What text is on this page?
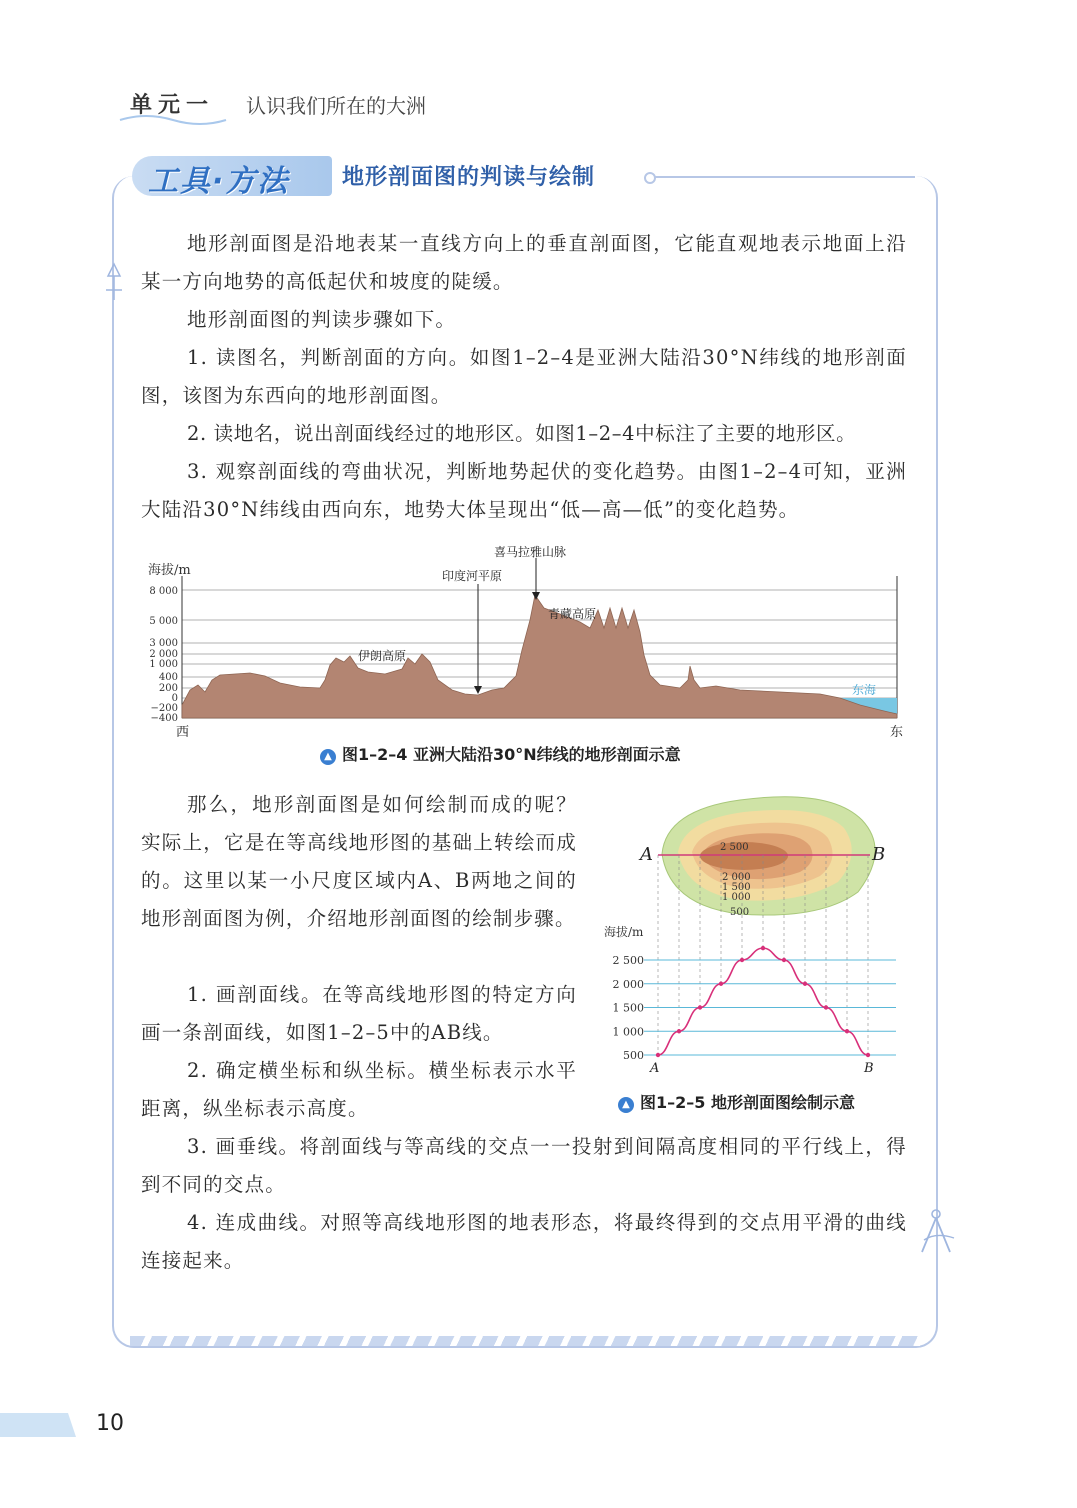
单元一 认识我们所在的大洲
工具·方法 地形剖面图的判读与绘制
地形剖面图是沿地表某一直线方向上的垂直剖面图，它能直观地表示地面上沿某一方向地势的高低起伏和坡度的陡缓。
地形剖面图的判读步骤如下。
1. 读图名，判断剖面的方向。如图1–2–4是亚洲大陆沿30°N纬线的地形剖面图，该图为东西向的地形剖面图。
2. 读地名，说出剖面线经过的地形区。如图1–2–4中标注了主要的地形区。
3. 观察剖面线的弯曲状况，判断地势起伏的变化趋势。由图1–2–4可知，亚洲大陆沿30°N纬线由西向东，地势大体呈现出“低—高—低”的变化趋势。
海拔/m
8 000
5 000
3 000
2 000
1 000
400
200
0
−200
−400
喜马拉雅山脉
印度河平原
青藏高原
伊朗高原
东海
西	东
▲ 图1–2–4 亚洲大陆沿30°N纬线的地形剖面示意
那么，地形剖面图是如何绘制而成的呢？实际上，它是在等高线地形图的基础上转绘而成的。这里以某一小尺度区域内A、B两地之间的地形剖面图为例，介绍地形剖面图的绘制步骤。
1. 画剖面线。在等高线地形图的特定方向画一条剖面线，如图1–2–5中的AB线。
2. 确定横坐标和纵坐标。横坐标表示水平距离，纵坐标表示高度。
2 500
2 000
1 500
1 000
500
A	B
2 500
2 000
1 500
1 000
500
海拔/m
A	B
▲ 图1–2–5 地形剖面图绘制示意
3. 画垂线。将剖面线与等高线的交点一一投射到间隔高度相同的平行线上，得到不同的交点。
4. 连成曲线。对照等高线地形图的地表形态，将最终得到的交点用平滑的曲线连接起来。
10
